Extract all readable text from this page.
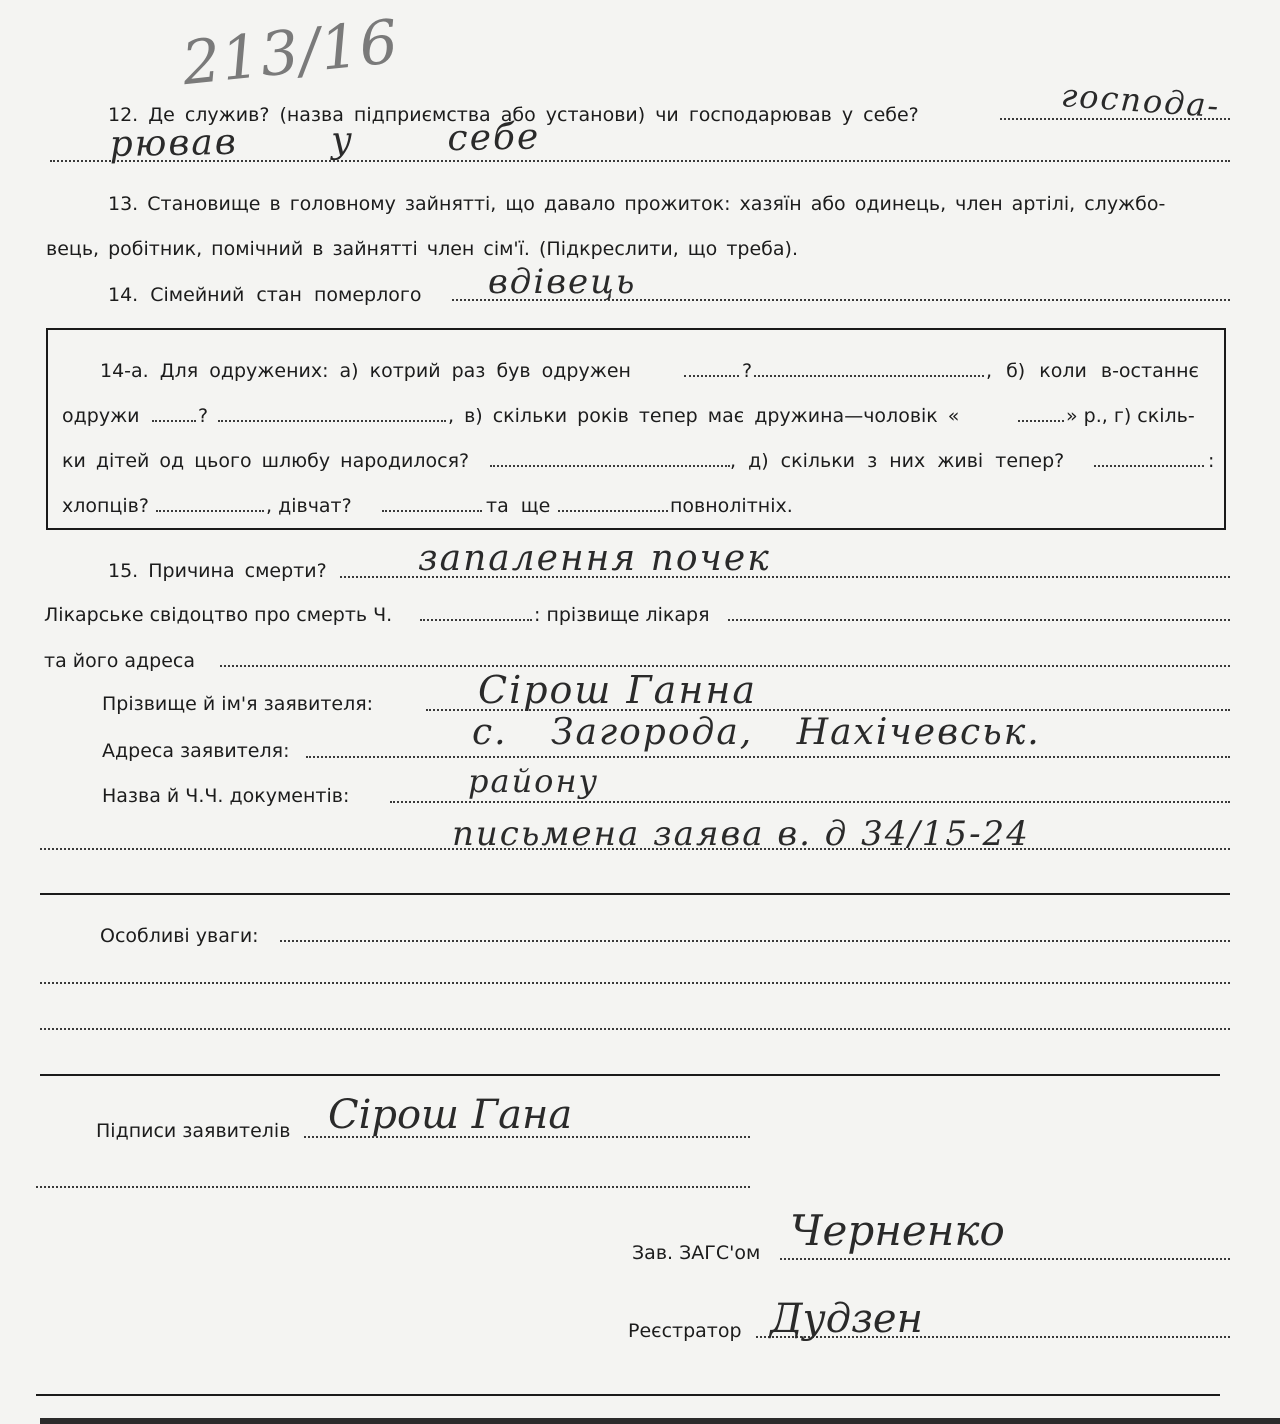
213/16
12. Де служив? (назва підприємства або установи) чи господарював у себе?	господа-
рював у себе
13. Становище в головному зайнятті, що давало прожиток: хазяїн або одинець, член артілі, службо-
вець, робітник, помічний в зайнятті член сім'ї. (Підкреслити, що треба).
14. Сімейний стан померлого вдівець
14-а. Для одружених: а) котрий раз був одружен	?	, б) коли в-останнє
одружи	?	, в) скільки років тепер має дружина—чоловік «	» р., г) скіль-
ки дітей од цього шлюбу народилося?	, д) скільки з них живі тепер?	:
хлопців?	, дівчат?	та ще	повнолітніх.
15. Причина смерти?	запалення почек
Лікарське свідоцтво про смерть Ч.	: прізвище лікаря
та його адреса
Прізвище й ім'я заявителя:	Сірош Ганна
Адреса заявителя:	с. Загорода, Нахічевськ.
району
Назва й Ч.Ч. документів:
письмена заява в. д 34/15-24
Особливі уваги:
Підписи заявителів Сірош Гана
Зав. ЗАГС'ом Черненко
Реєстратор Дудзен
